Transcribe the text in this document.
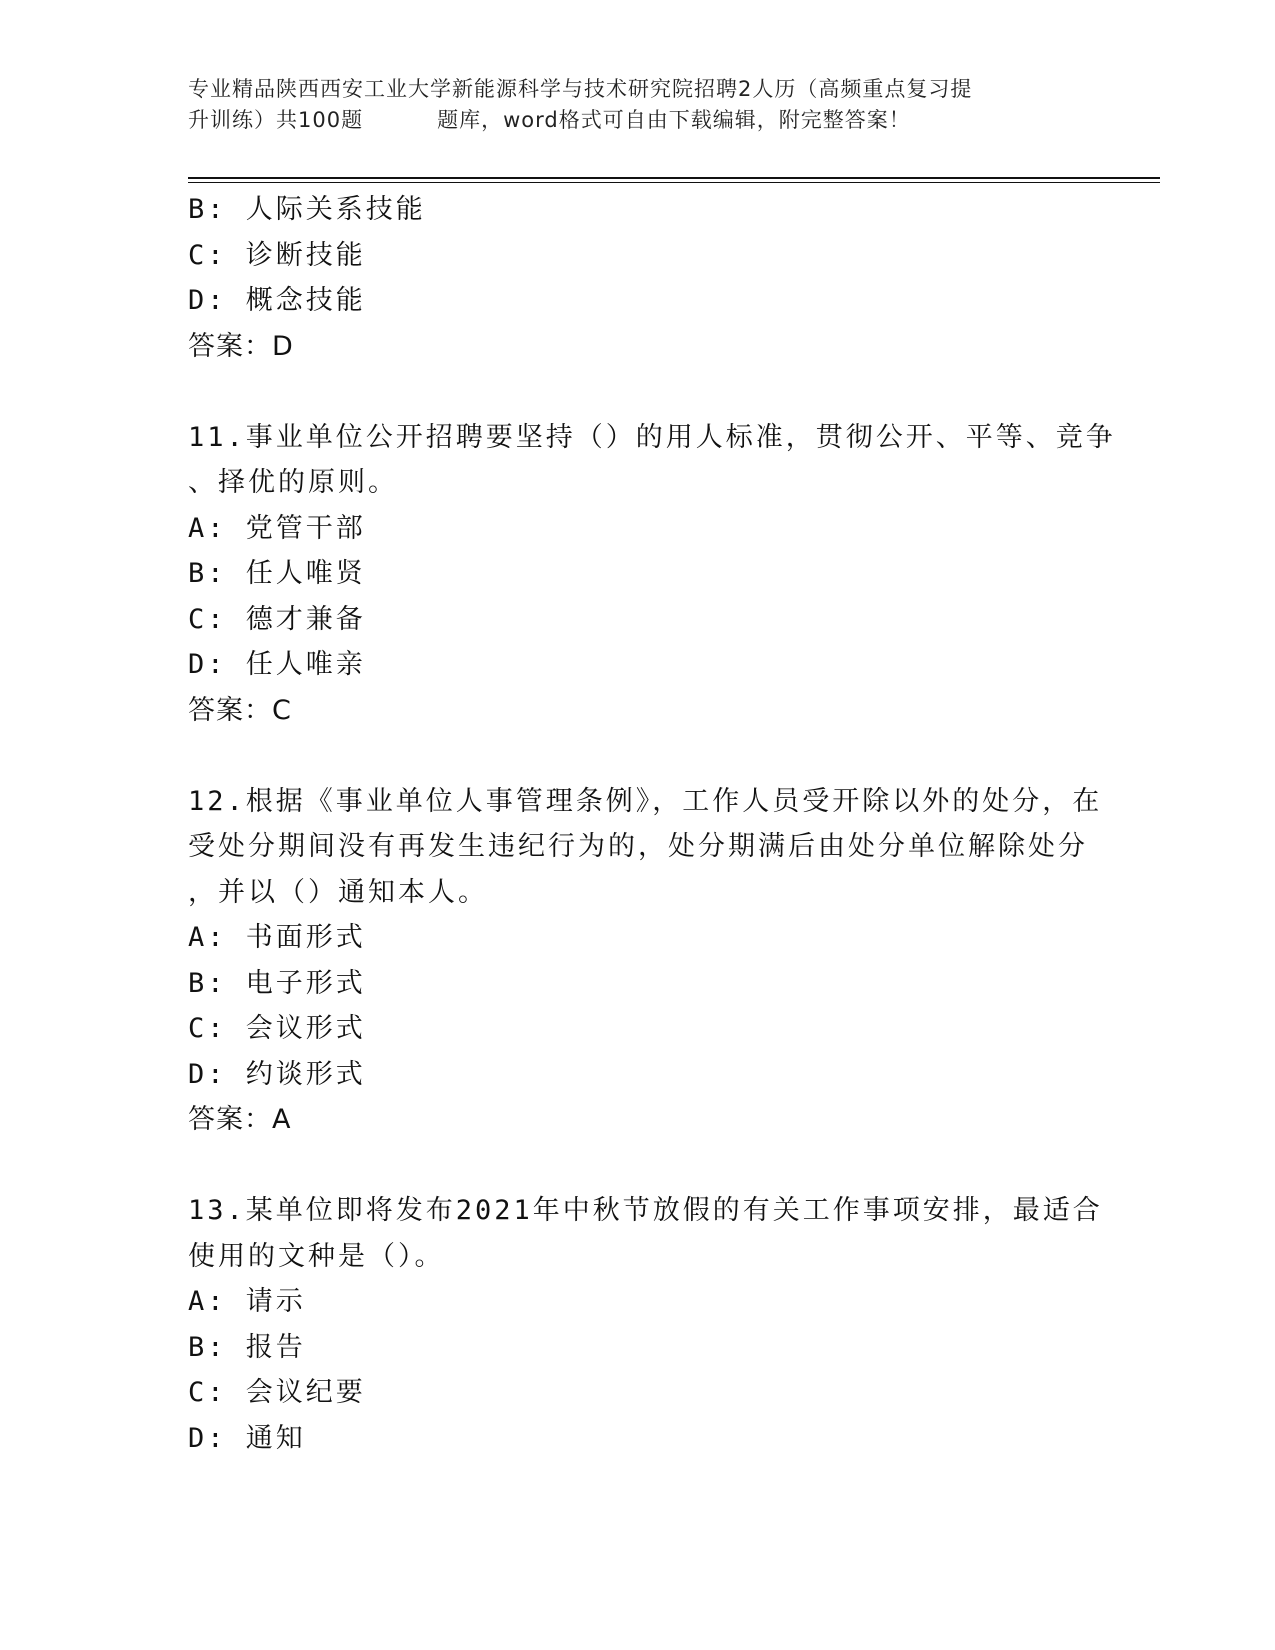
专业精品陕西西安工业大学新能源科学与技术研究院招聘2人历（高频重点复习提
升训练）共100题	题库，word格式可自由下载编辑，附完整答案！
B: 人际关系技能
C: 诊断技能
D: 概念技能
答案：D
11.事业单位公开招聘要坚持（）的用人标准，贯彻公开、平等、竞争
、择优的原则。
A: 党管干部
B: 任人唯贤
C: 德才兼备
D: 任人唯亲
答案：C
12.根据《事业单位人事管理条例》，工作人员受开除以外的处分，在
受处分期间没有再发生违纪行为的，处分期满后由处分单位解除处分
，并以（）通知本人。
A: 书面形式
B: 电子形式
C: 会议形式
D: 约谈形式
答案：A
13.某单位即将发布2021年中秋节放假的有关工作事项安排，最适合
使用的文种是（）。
A: 请示
B: 报告
C: 会议纪要
D: 通知
